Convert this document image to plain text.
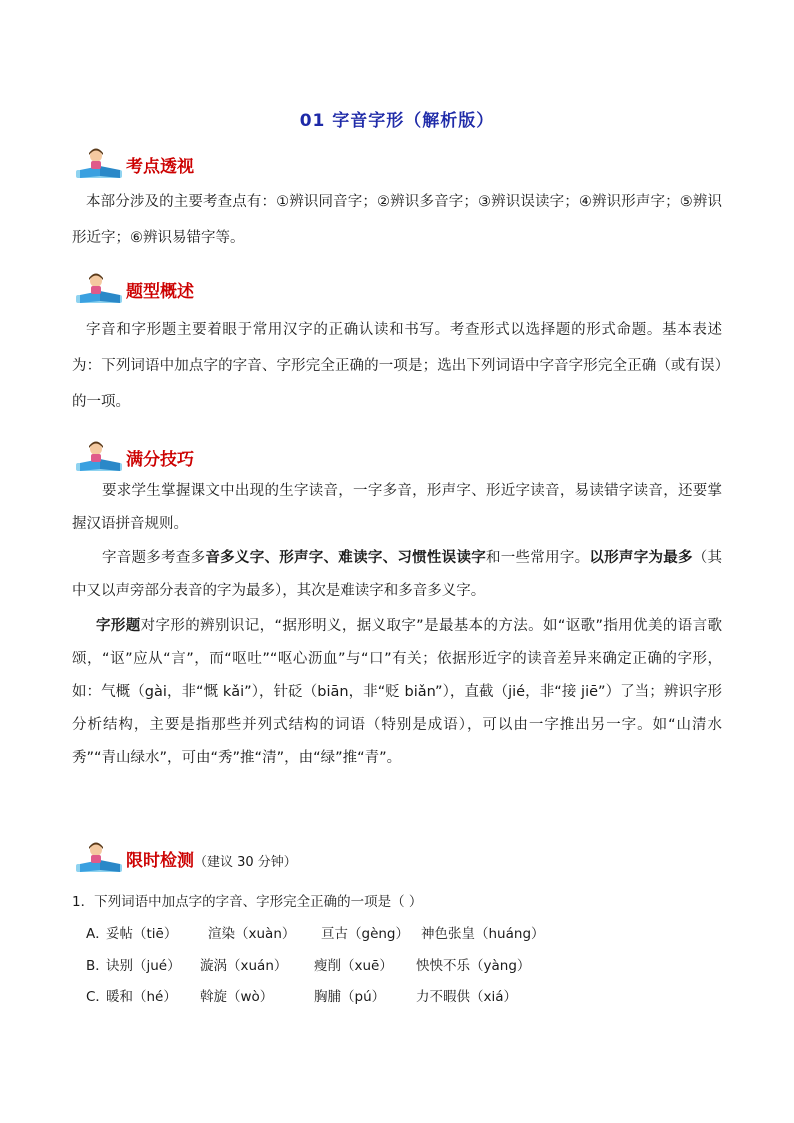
01 字音字形（解析版）
考点透视

本部分涉及的主要考查点有：①辨识同音字；②辨识多音字；③辨识误读字；④辨识形声字；⑤辨识形近字；⑥辨识易错字等。

题型概述

字音和字形题主要着眼于常用汉字的正确认读和书写。考查形式以选择题的形式命题。基本表述为：下列词语中加点字的字音、字形完全正确的一项是；选出下列词语中字音字形完全正确（或有误）的一项。

满分技巧

要求学生掌握课文中出现的生字读音，一字多音，形声字、形近字读音，易读错字读音，还要掌握汉语拼音规则。

字音题多考查多音多义字、形声字、难读字、习惯性误读字和一些常用字。以形声字为最多（其中又以声旁部分表音的字为最多），其次是难读字和多音多义字。

字形题对字形的辨别识记，“据形明义，据义取字”是最基本的方法。如“讴歌”指用优美的语言歌颂，“讴”应从“言”，而“呕吐”“呕心沥血”与“口”有关；依据形近字的读音差异来确定正确的字形，如：气概（gài，非“慨 kǎi”），针砭（biān，非“贬 biǎn”），直截（jié，非“接 jiē”）了当；辨识字形分析结构，主要是指那些并列式结构的词语（特别是成语），可以由一字推出另一字。如“山清水秀”“青山绿水”，可由“秀”推“清”，由“绿”推“青”。

限时检测（建议 30 分钟）
1．下列词语中加点字的字音、字形完全正确的一项是（ ）
A．
妥帖（tiē） 渲染（xuàn） 亘古（gèng） 神色张皇（huáng）
B．
诀别（jué） 漩涡（xuán） 瘦削（xuē） 怏怏不乐（yàng）
C．
暖和（hé） 斡旋（wò）	胸脯（pú） 力不暇供（xiá）
